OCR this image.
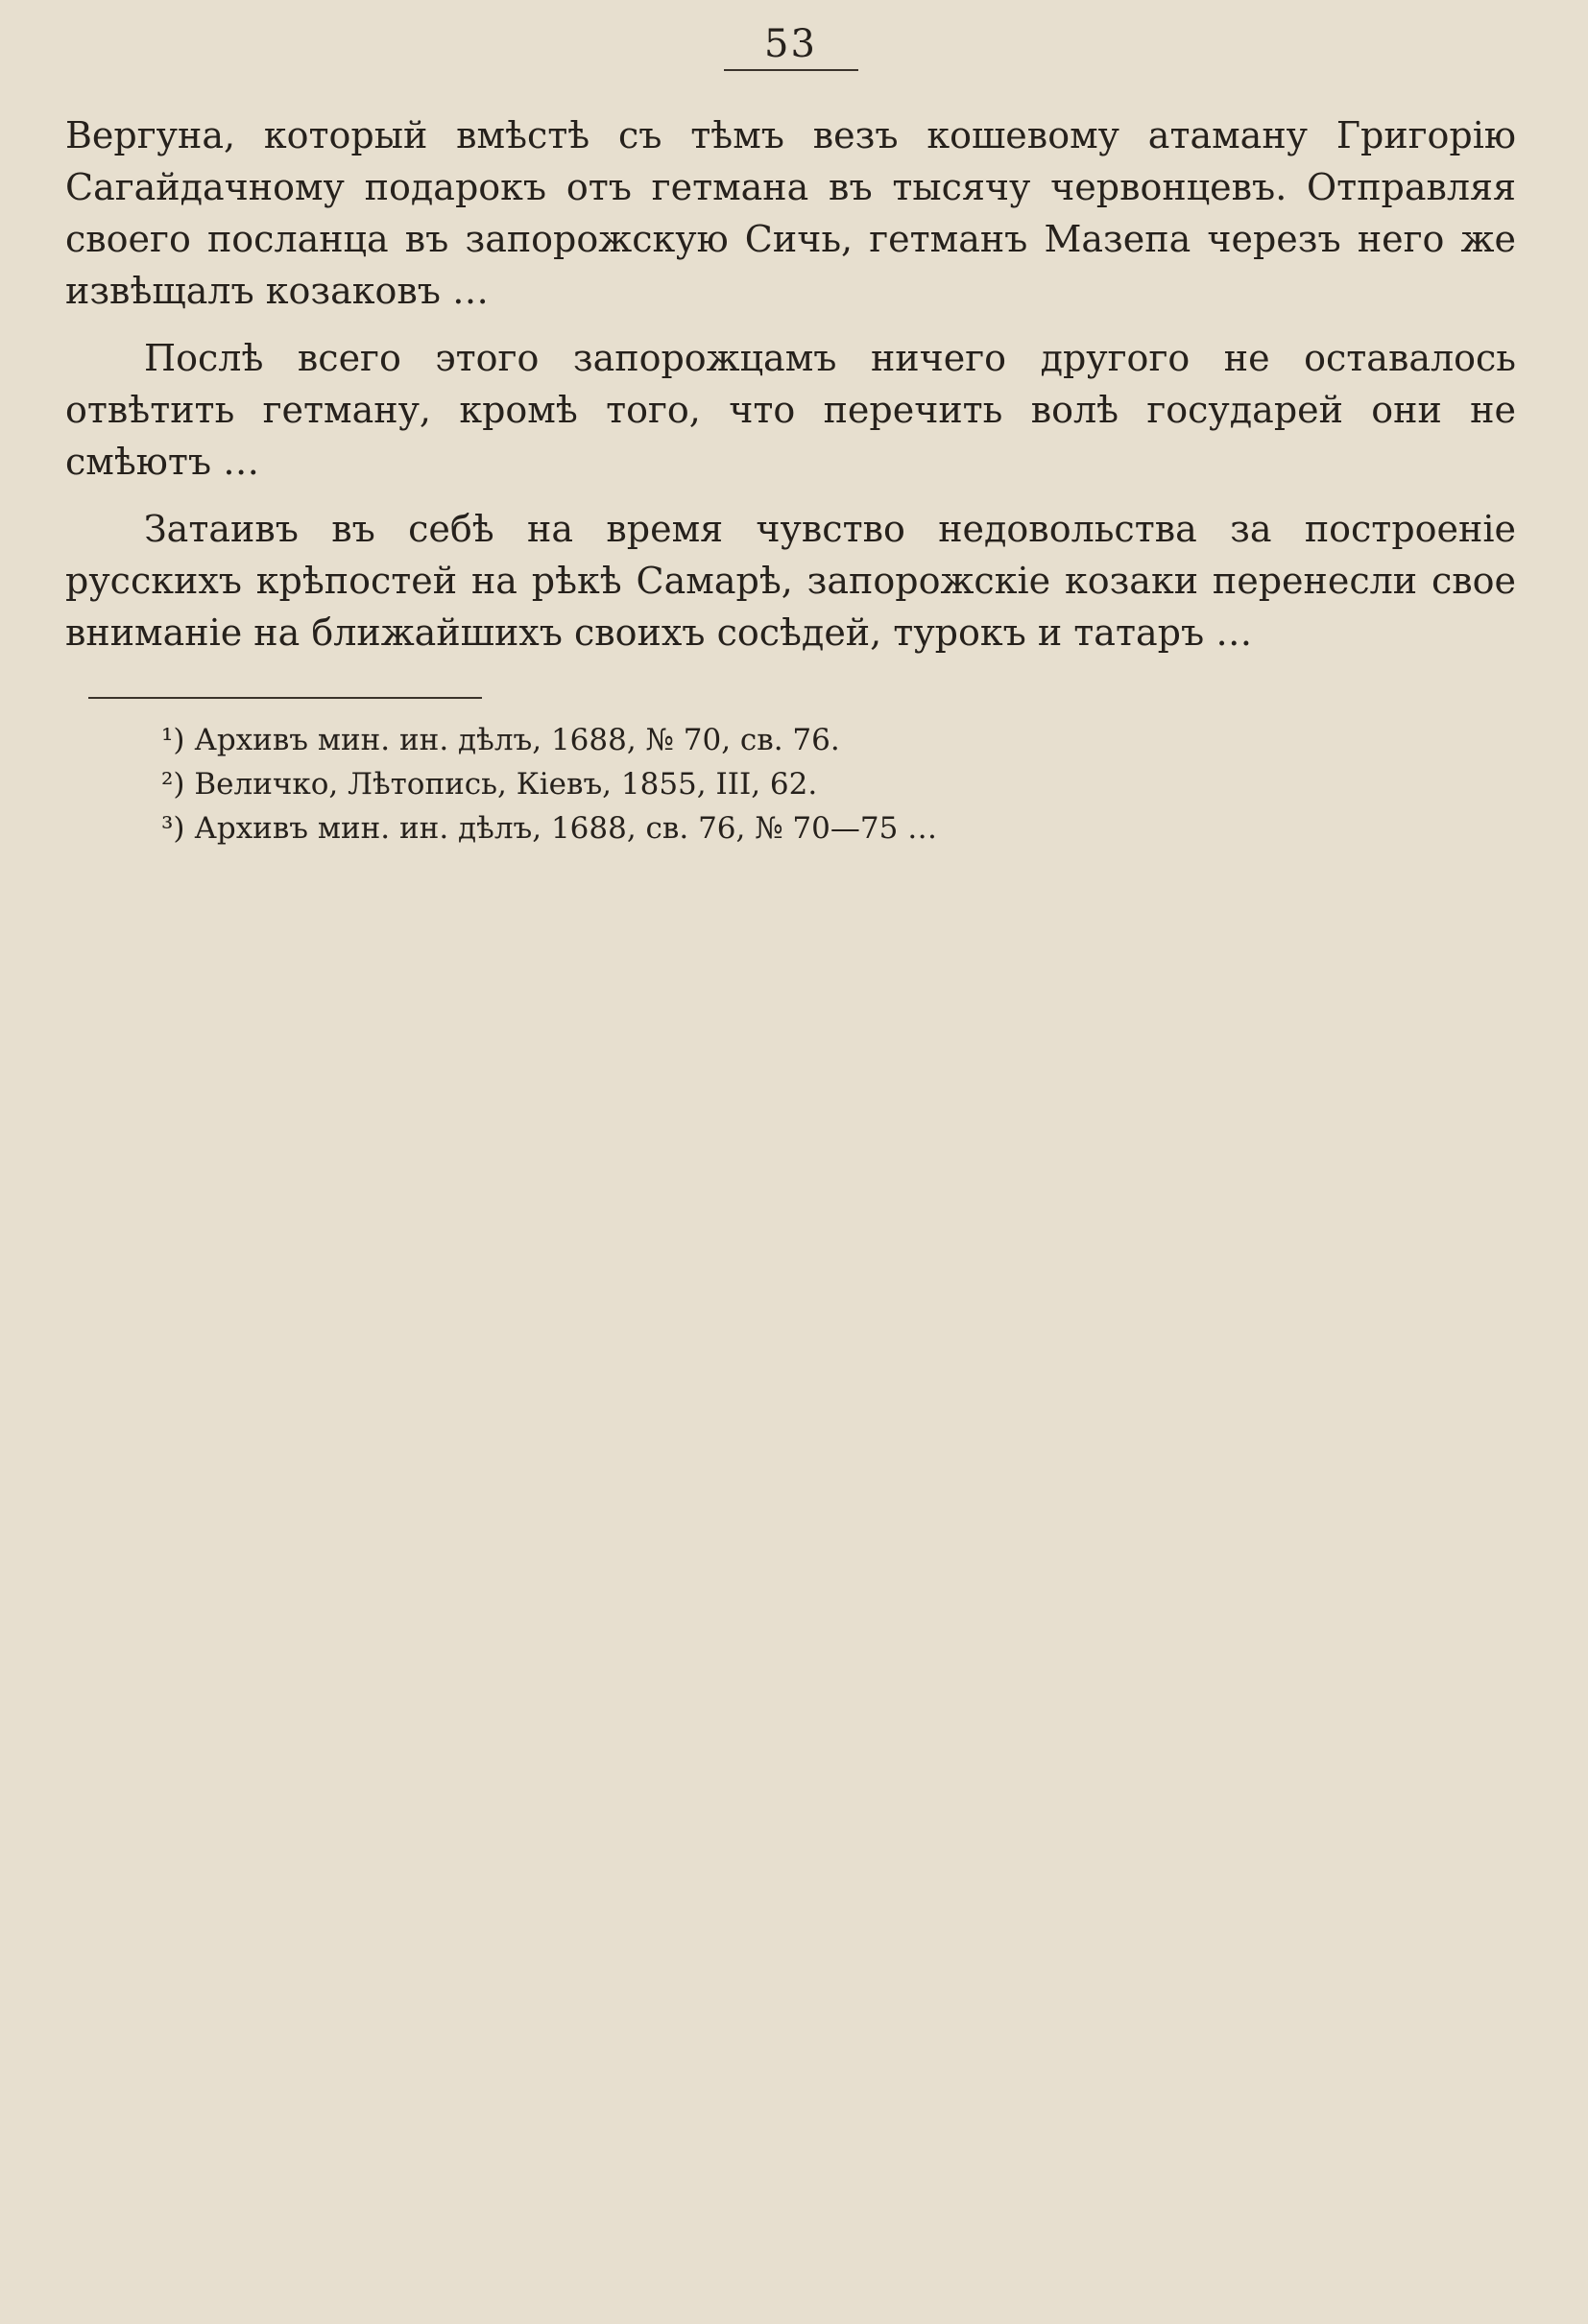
53

Вергуна, который вмѣстѣ съ тѣмъ везъ кошевому атаману Григорію Сагайдачному подарокъ отъ гетмана въ тысячу червонцевъ. Отправляя своего посланца въ запорожскую Сичь, гетманъ Мазепа черезъ него же извѣщалъ козаковъ …

Послѣ всего этого запорожцамъ ничего другого не оставалось отвѣтить гетману, кромѣ того, что перечить волѣ государей они не смѣютъ …

Затаивъ въ себѣ на время чувство недовольства за построеніе русскихъ крѣпостей на рѣкѣ Самарѣ, запорожскіе козаки перенесли свое вниманіе на ближайшихъ своихъ сосѣдей, турокъ и татаръ …

¹) Архивъ мин. ин. дѣлъ, 1688, № 70, св. 76.

²) Величко, Лѣтопись, Кіевъ, 1855, III, 62.

³) Архивъ мин. ин. дѣлъ, 1688, св. 76, № 70—75 …
